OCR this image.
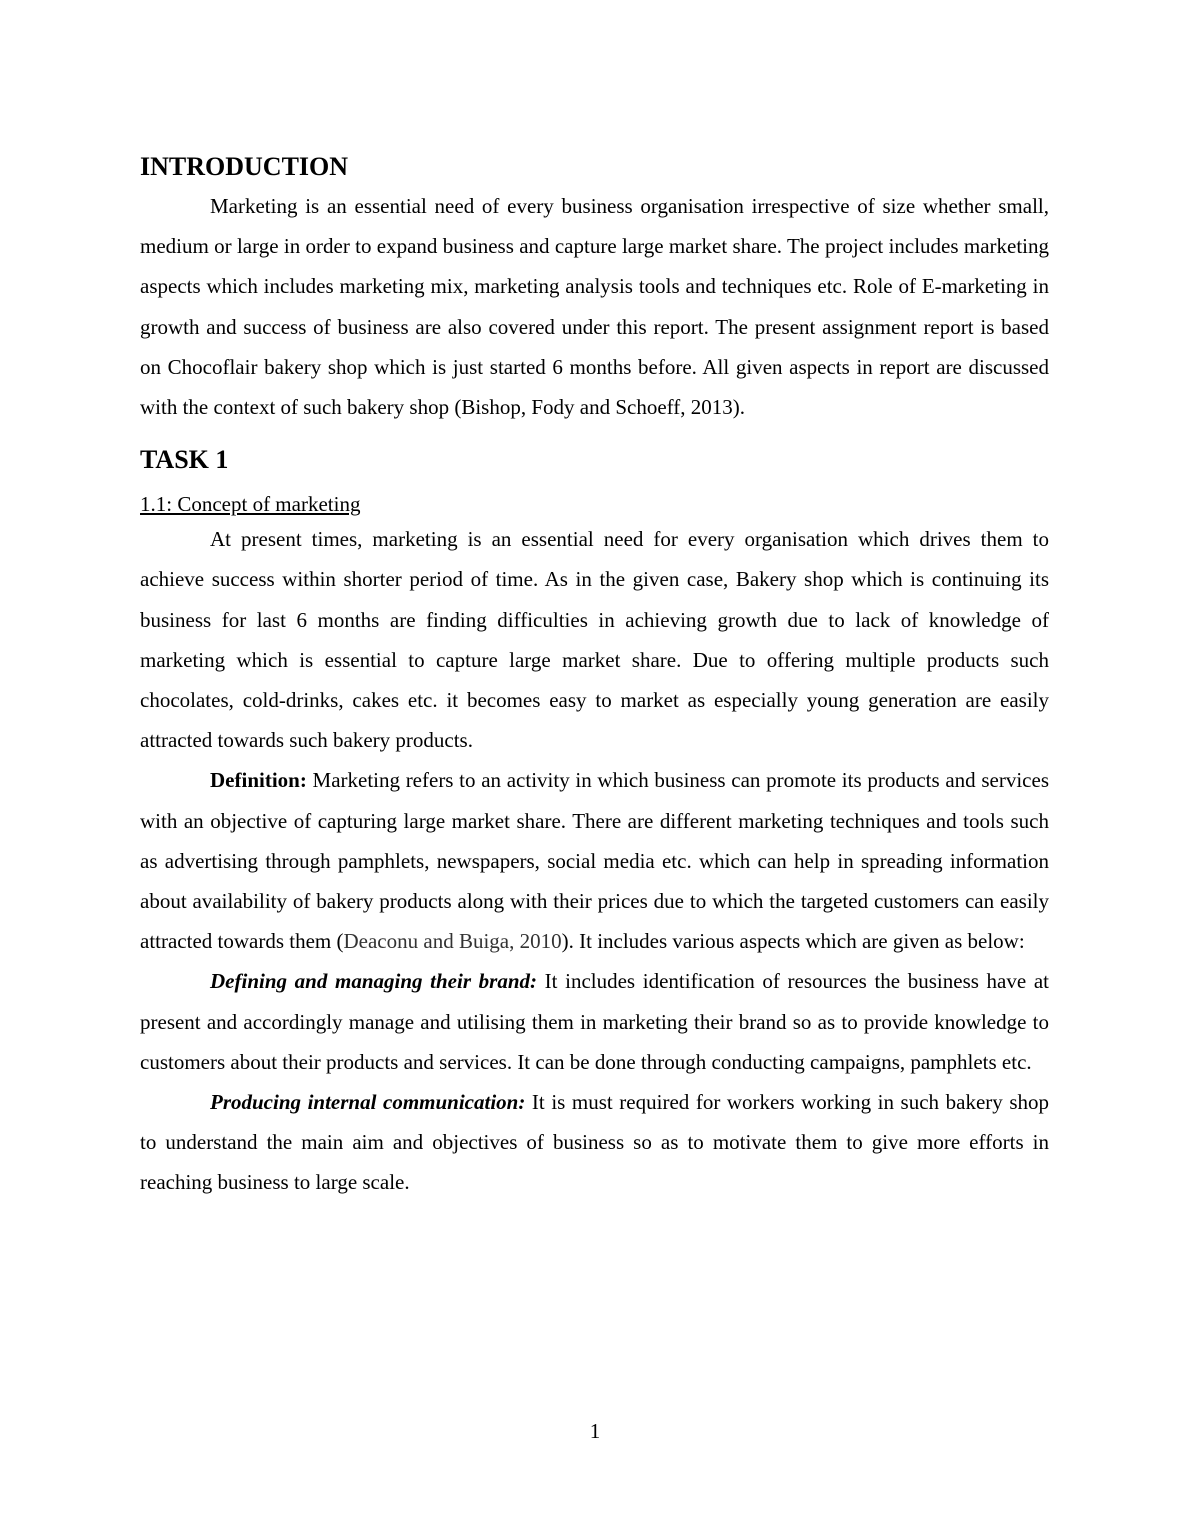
INTRODUCTION

Marketing is an essential need of every business organisation irrespective of size whether small, medium or large in order to expand business and capture large market share. The project includes marketing aspects which includes marketing mix, marketing analysis tools and techniques etc. Role of E-marketing in growth and success of business are also covered under this report. The present assignment report is based on Chocoflair bakery shop which is just started 6 months before. All given aspects in report are discussed with the context of such bakery shop (Bishop, Fody and Schoeff, 2013).

TASK 1

1.1: Concept of marketing

At present times, marketing is an essential need for every organisation which drives them to achieve success within shorter period of time. As in the given case, Bakery shop which is continuing its business for last 6 months are finding difficulties in achieving growth due to lack of knowledge of marketing which is essential to capture large market share. Due to offering multiple products such chocolates, cold-drinks, cakes etc. it becomes easy to market as especially young generation are easily attracted towards such bakery products.

Definition: Marketing refers to an activity in which business can promote its products and services with an objective of capturing large market share. There are different marketing techniques and tools such as advertising through pamphlets, newspapers, social media etc. which can help in spreading information about availability of bakery products along with their prices due to which the targeted customers can easily attracted towards them (Deaconu and Buiga, 2010). It includes various aspects which are given as below:

Defining and managing their brand: It includes identification of resources the business have at present and accordingly manage and utilising them in marketing their brand so as to provide knowledge to customers about their products and services. It can be done through conducting campaigns, pamphlets etc.

Producing internal communication: It is must required for workers working in such bakery shop to understand the main aim and objectives of business so as to motivate them to give more efforts in reaching business to large scale.

1
